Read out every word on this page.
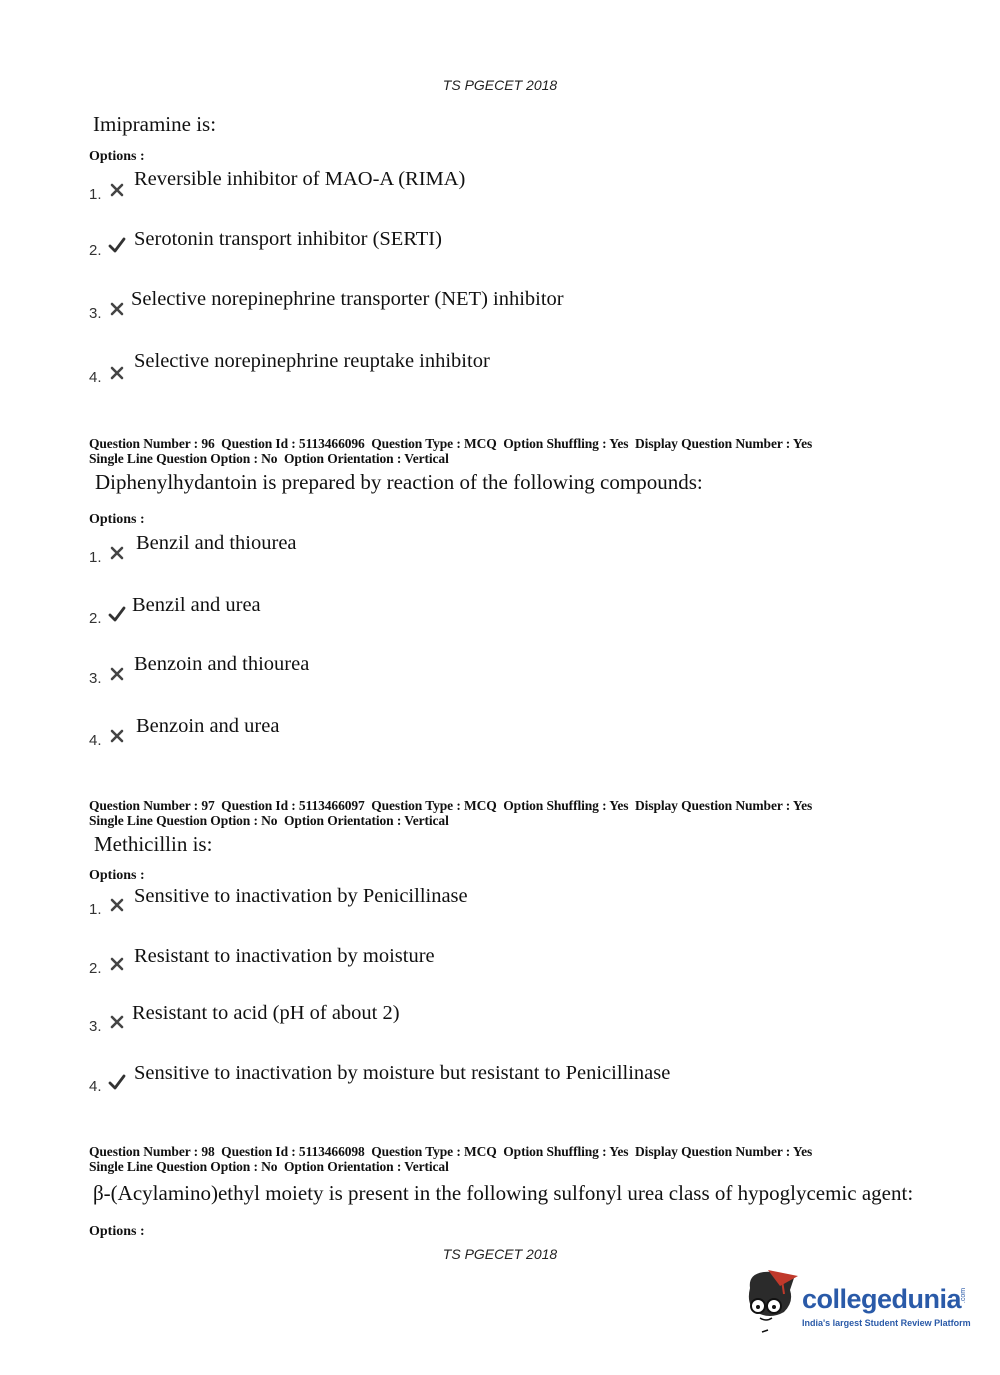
TS PGECET 2018
Imipramine is:
Options :
1.
Reversible inhibitor of MAO-A (RIMA)
2.
Serotonin transport inhibitor (SERTI)
3.
Selective norepinephrine transporter (NET) inhibitor
4.
Selective norepinephrine reuptake inhibitor
Question Number : 96  Question Id : 5113466096  Question Type : MCQ  Option Shuffling : Yes  Display Question Number : Yes
Single Line Question Option : No  Option Orientation : Vertical
Diphenylhydantoin is prepared by reaction of the following compounds:
Options :
1.
Benzil and thiourea
2.
Benzil and urea
3.
Benzoin and thiourea
4.
Benzoin and urea
Question Number : 97  Question Id : 5113466097  Question Type : MCQ  Option Shuffling : Yes  Display Question Number : Yes
Single Line Question Option : No  Option Orientation : Vertical
Methicillin is:
Options :
1.
Sensitive to inactivation by Penicillinase
2.
Resistant to inactivation by moisture
3.
Resistant to acid (pH of about 2)
4.
Sensitive to inactivation by moisture but resistant to Penicillinase
Question Number : 98  Question Id : 5113466098  Question Type : MCQ  Option Shuffling : Yes  Display Question Number : Yes
Single Line Question Option : No  Option Orientation : Vertical
β-(Acylamino)ethyl moiety is present in the following sulfonyl urea class of hypoglycemic agent:
Options :
TS PGECET 2018
collegedunia .com
India's largest Student Review Platform
